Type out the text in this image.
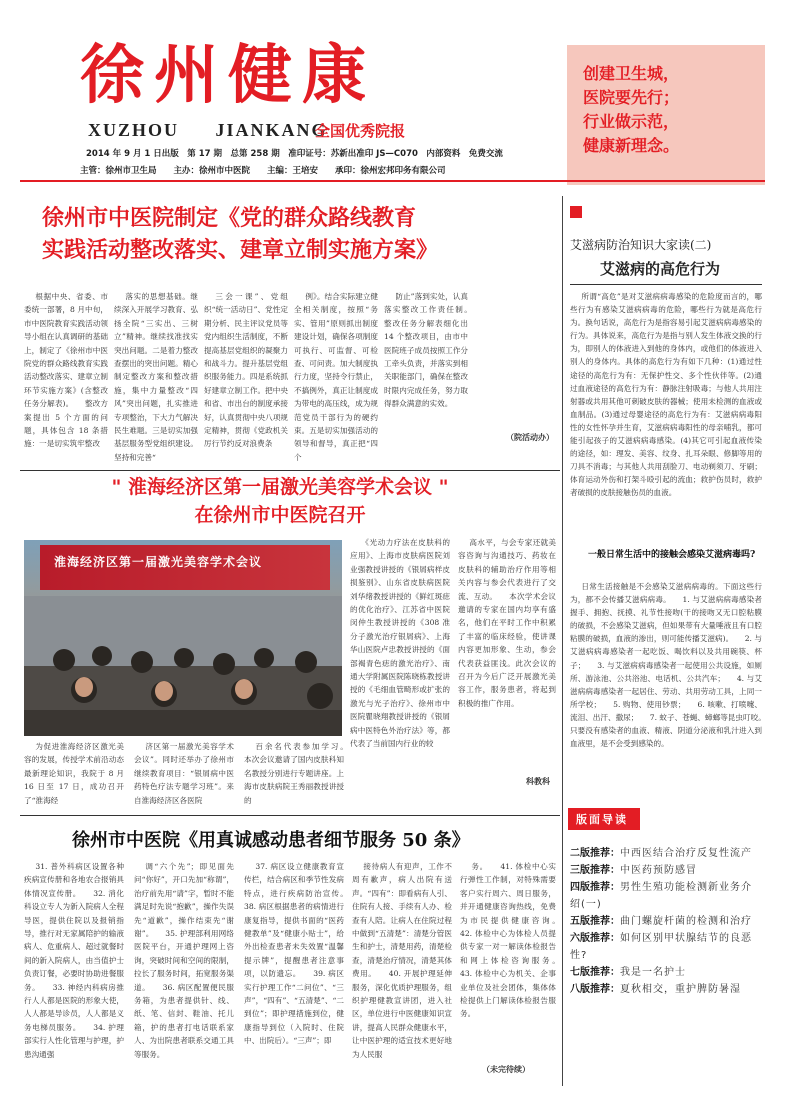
徐州健康
XUZHOU JIANKANG
全国优秀院报
2014 年 9 月 1 日出版　第 17 期　总第 258 期　准印证号：苏新出准印 JS—C070　内部资料　免费交流
主管：徐州市卫生局　　主办：徐州市中医院　　主编：王培安　　承印：徐州宏邦印务有限公司
创建卫生城，
医院要先行；
行业做示范，
健康新理念。
徐州市中医院制定《党的群众路线教育
实践活动整改落实、建章立制实施方案》
根据中央、省委、市委统一部署，8 月中旬，市中医院教育实践活动领导小组在认真调研的基础上，制定了《徐州市中医院党的群众路线教育实践活动整改落实、建章立制环节实施方案》(含整改任务分解表)。　　整改方案提出 5 个方面的问题，具体包含 18 条措施：一是切实筑牢整改
落实的思想基础。继续深入开展学习教育、弘扬全院“三实出、三树立”精神。继续找准找实突出问题。二是着力整改查摆出的突出问题。精心制定整改方案和整改措施，集中力量整改“四风”突出问题，扎实推进专项整治，下大力气解决民生难题。三是切实加强基层服务型党组织建设。坚持和完善“
三会一课”、党组织“统一活动日”、党性定期分析、民主评议党员等党内组织生活制度，不断提高基层党组织的凝聚力和战斗力。提升基层党组织服务能力。四是系统抓好建章立制工作。把中央和省、市出台的制度承接好，认真贯彻中央八项规定精神，贯彻《党政机关厉行节约反对浪费条
例》。结合实际建立健全相关制度，按照“务实、管用”原则抓出制度建设计划，确保各项制度可执行、可监督、可检查、可问责。加大制度执行力度，坚持令行禁止，不搞例外，真正让制度成为带电的高压线，成为规范党员干部行为的硬约束。五是切实加强活动的领导和督导，真正把“四个
防止”落到实处，认真落实整改工作责任制。　　整改任务分解表细化出 14 个整改项目，由市中医院班子成员按照工作分工牵头负责，并落实到相关职能部门，确保在整改时限内完成任务，努力取得群众满意的实效。
（院活动办）
" 淮海经济区第一届激光美容学术会议 "
在徐州市中医院召开
淮海经济区第一届激光美容学术会议
为促进淮海经济区激光美容的发展，传授学术前沿动态最新理论知识，我院于 8 月 16 日至 17 日，成功召开了“淮海经
济区第一届激光美容学术会议”。同时还举办了徐州市继续教育项目：“银屑病中医药特色疗法专题学习班”。来自淮海经济区各医院
百余名代表参加学习。　　本次会议邀请了国内皮肤科知名教授分别进行专题讲座。上海市皮肤病院王秀丽教授讲授的
《光动力疗法在皮肤科的应用》、上海市皮肤病医院刘业强教授讲授的《银屑病样皮损鉴别》、山东省皮肤病医院刘华绪教授讲授的《鲜红斑痣的优化治疗》、江苏省中医院闵仲生教授讲授的《308 准分子激光治疗银屑病》、上海华山医院卢忠教授讲授的《面部褐青色痣的激光治疗》、南通大学附属医院陈晓栋教授讲授的《毛细血管畸形或扩张的激光与光子治疗》、徐州市中医院瞿晓翔教授讲授的《银屑病中医特色外治疗法》等，都代表了当前国内行业的较
高水平，与会专家还就美容咨询与沟通技巧、药妆在皮肤科的辅助治疗作用等相关内容与参会代表进行了交流、互动。　　本次学术会议邀请的专家在国内均享有盛名，他们在平时工作中积累了丰富的临床经验，使讲课内容更加形象、生动，参会代表获益匪浅。此次会议的召开为今后广泛开展激光美容工作，服务患者，将起到积极的推广作用。
科教科
徐州市中医院《用真诚感动患者细节服务 50 条》
31. 普外科病区设置各种疾病宣传册和各地农合报销具体情况宣传册。　　32. 消化科设立专人为新入院病人全程导医，提供住院以及报销指导，推行对无家属陪护的输液病人、危重病人、超过就餐时间的新入院病人，由当值护士负责订餐，必要时协助进餐服务。　　33. 神经内科病房推行人人都是医院的形象大使，人人都是导诊员，人人都是义务电梯员服务。　　34. 护理部实行人性化管理与护理，护患沟通强
调“六个先”；即见面先问“你好”，开口先加“称谓”，治疗前先用“请”字，暂时不能满足时先说“抱歉”，操作失误先“道歉”，操作结束先“谢谢”。　　35. 护理部利用网络医院平台，开通护理网上咨询，突破时间和空间的限制，拉长了服务时间，拓宽服务渠道。　　36. 病区配置便民服务箱，为患者提供针、线、纸、笔、信封、鞋油、托儿箱，护的患者打电话联系家人、为出院患者联系交通工具等服务。
37. 病区设立健康教育宣传栏，结合病区和季节性发病特点，进行疾病防治宣传。　　38. 病区根据患者的病情进行康复指导，提供书面的“医药健教单”及“健康小贴士”，给外出检查患者未失效置“温馨提示牌”，提醒患者注意事项，以防遗忘。　　39. 病区实行护理工作“二问位”、“三声”，“四有”、“五清楚”、“二到位”；即护理措施到位，健康指导到位（入院时、住院中、出院后）。“三声”；即
接待病人有迎声，工作不周有歉声，病人出院有送声。“四有”：即看病有人引、住院有人接、手续有人办、检查有人陪。让病人在住院过程中做到“五清楚”：清楚分管医生和护士，清楚用药，清楚检查，清楚治疗情况，清楚其体费用。　　40. 开展护理延伸服务，深化优质护理服务，组织护理健教宣讲团，进入社区，单位进行中医健康知识宣讲，提高人民群众健康水平，让中医护理的适宜技术更好地为人民服
务。　　41. 体检中心实行弹性工作制，对特殊需要客户实行周六、周日服务，并开通健康咨询热线，免费为市民提供健康咨询。　　42. 体检中心为体检人员提供专家一对一解读体检报告和网上体检咨询服务。　　43. 体检中心为机关、企事业单位及社会团体，集体体检提供上门解读体检报告服务。
（未完待续）
艾滋病防治知识大家读(二)
艾滋病的高危行为

所谓“高危”是对艾滋病病毒感染的危险度而言的，哪些行为有感染艾滋病病毒的危险，哪些行为就是高危行为。换句话说，高危行为是指容易引起艾滋病病毒感染的行为。具体说来，高危行为是指与别人发生体液交换的行为，即别人的体液进入到他的身体内，或他们的体液进入别人的身体内。具体的高危行为有如下几种：(1)通过性途径的高危行为有：无保护性交、多个性伙伴等。(2)通过血液途径的高危行为有：静脉注射吸毒；与他人共用注射器或共用其他可刺破皮肤的器械；使用未检测的血液或血制品。(3)通过母婴途径的高危行为有：艾滋病病毒阳性的女性怀孕并生育，艾滋病病毒阳性的母亲哺乳，都可能引起孩子的艾滋病病毒感染。(4)其它可引起血液传染的途径，如：理发、美容、纹身、扎耳朵眼、修脚等用的刀具不消毒；与其他人共用刮脸刀、电动剃须刀、牙刷；体育运动外伤和打架斗殴引起的流血；救护伤员时，救护者破损的皮肤接触伤员的血液。

一般日常生活中的接触会感染艾滋病毒吗?

日常生活接触是不会感染艾滋病病毒的。下面这些行为，都不会传播艾滋病病毒。　　1. 与艾滋病病毒感染者握手、拥抱、抚摸、礼节性接吻(干的接吻又无口腔粘膜的破损，不会感染艾滋病，但如果带有大量唾液且有口腔粘膜的破损，血液的渗出，则可能传播艾滋病)。　　2. 与艾滋病病毒感染者一起吃饭、喝饮料以及共用碗筷、杯子；　　3. 与艾滋病病毒感染者一起使用公共设施，如厕所、游泳池、公共浴池、电话机、公共汽车；　　4. 与艾滋病病毒感染者一起居住、劳动、共用劳动工具，上同一所学校；　　5. 购物、使用钞票；　　6. 咳嗽、打喷嚏、流泪、出汗、撒尿；　　7. 蚊子、苍蝇、蟑螂等昆虫叮咬。　只要没有感染者的血液、精液、阴道分泌液和乳汁进入到血液里，是不会受到感染的。

版面导读
二版推荐：中西医结合治疗反复性流产
三版推荐：中医药预防感冒
四版推荐：男性生殖功能检测新业务介绍(一)
五版推荐：曲门螺旋杆菌的检测和治疗
六版推荐：如何区别甲状腺结节的良恶性?
七版推荐：我是一名护士
八版推荐：夏秋相交，重护脾防暑湿
